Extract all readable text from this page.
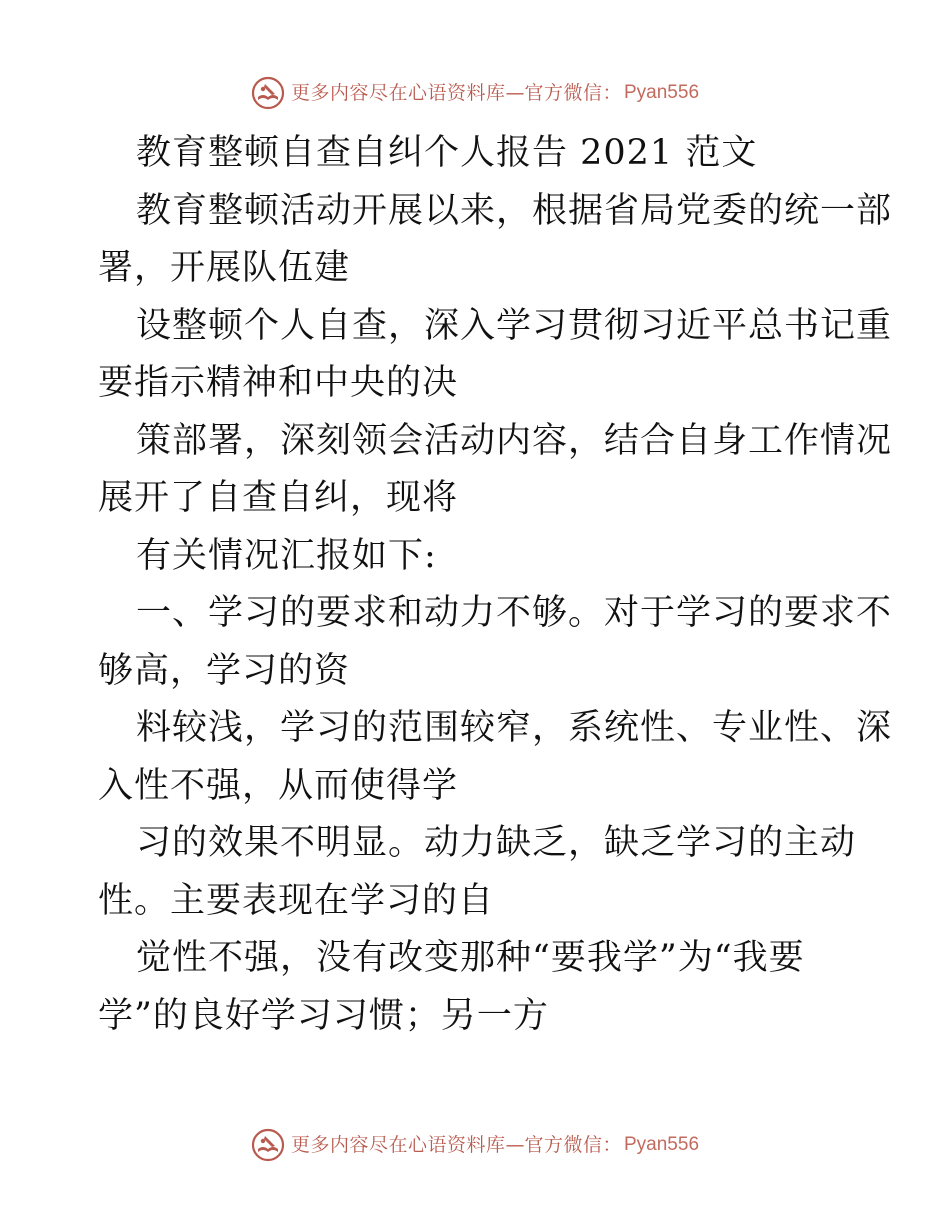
更多内容尽在心语资料库 — 官方微信： Pyan556
教育整顿自查自纠个人报告 2021 范文
教育整顿活动开展以来，根据省局党委的统一部
署，开展队伍建
设整顿个人自查，深入学习贯彻习近平总书记重
要指示精神和中央的决
策部署，深刻领会活动内容，结合自身工作情况
展开了自查自纠，现将
有关情况汇报如下:
一、学习的要求和动力不够。对于学习的要求不
够高，学习的资
料较浅，学习的范围较窄，系统性、专业性、深
入性不强，从而使得学
习的效果不明显。动力缺乏，缺乏学习的主动
性。主要表现在学习的自
觉性不强，没有改变那种“要我学”为“我要
学”的良好学习习惯；另一方
更多内容尽在心语资料库 — 官方微信： Pyan556
